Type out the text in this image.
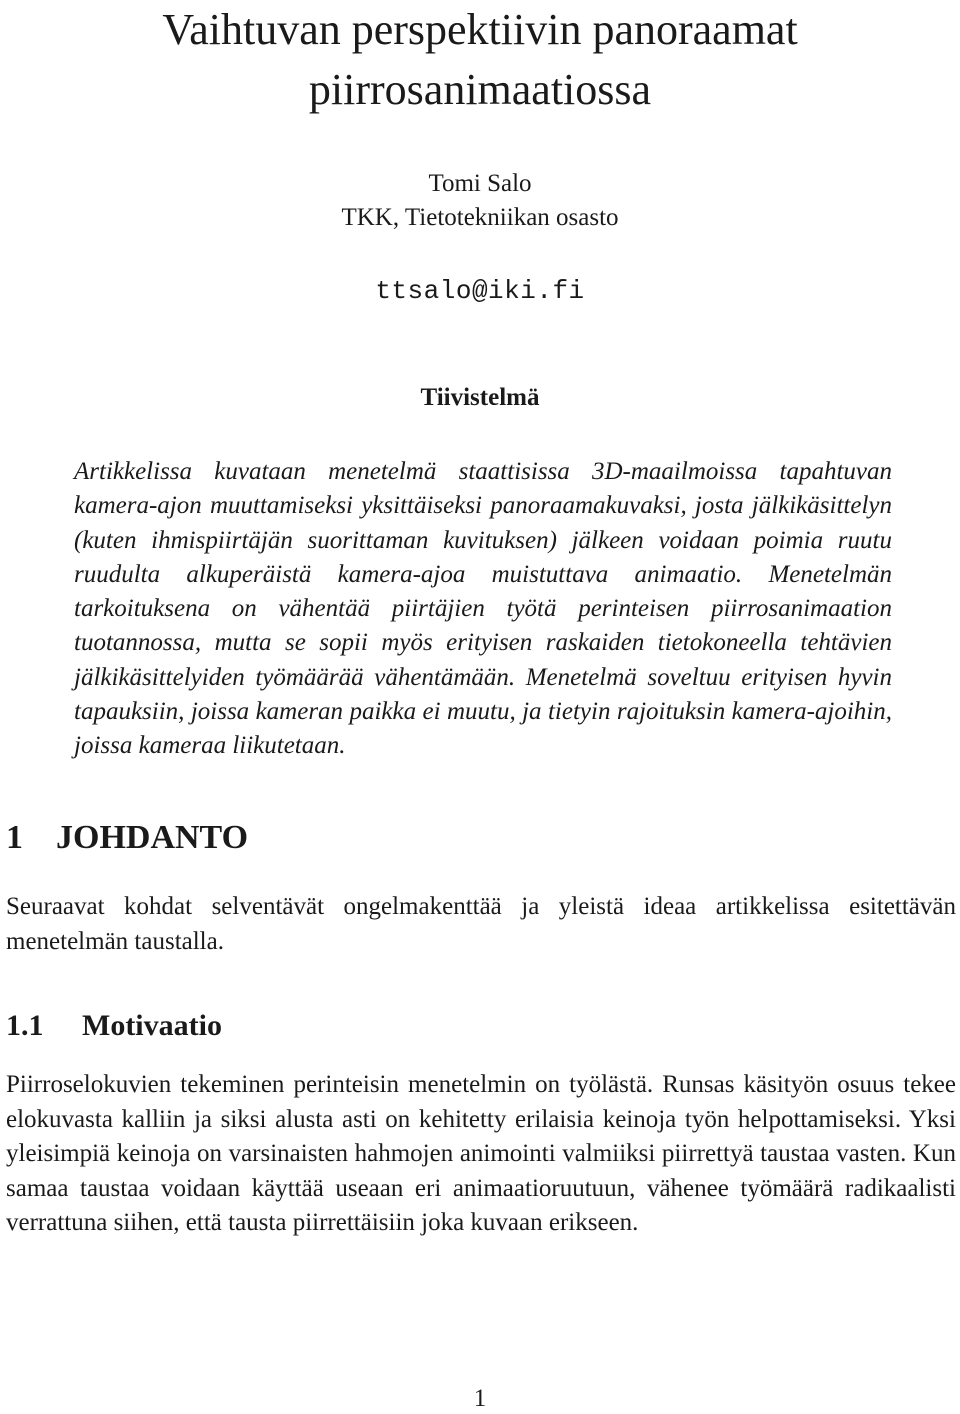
Vaihtuvan perspektiivin panoraamat piirrosanimaatiossa
Tomi Salo
TKK, Tietotekniikan osasto
ttsalo@iki.fi
Tiivistelmä

Artikkelissa kuvataan menetelmä staattisissa 3D-maailmoissa tapahtuvan kamera-ajon muuttamiseksi yksittäiseksi panoraamakuvaksi, josta jälkikäsittelyn (kuten ihmispiirtäjän suorittaman kuvituksen) jälkeen voidaan poimia ruutu ruudulta alkuperäistä kamera-ajoa muistuttava animaatio. Menetelmän tarkoituksena on vähentää piirtäjien työtä perinteisen piirrosanimaation tuotannossa, mutta se sopii myös erityisen raskaiden tietokoneella tehtävien jälkikäsittelyiden työmäärää vähentämään. Menetelmä soveltuu erityisen hyvin tapauksiin, joissa kameran paikka ei muutu, ja tietyin rajoituksin kamera-ajoihin, joissa kameraa liikutetaan.

1 JOHDANTO

Seuraavat kohdat selventävät ongelmakenttää ja yleistä ideaa artikkelissa esitettävän menetelmän taustalla.

1.1 Motivaatio

Piirroselokuvien tekeminen perinteisin menetelmin on työlästä. Runsas käsityön osuus tekee elokuvasta kalliin ja siksi alusta asti on kehitetty erilaisia keinoja työn helpottamiseksi. Yksi yleisimpiä keinoja on varsinaisten hahmojen animointi valmiiksi piirrettyä taustaa vasten. Kun samaa taustaa voidaan käyttää useaan eri animaatioruutuun, vähenee työmäärä radikaalisti verrattuna siihen, että tausta piirrettäisiin joka kuvaan erikseen.

1
